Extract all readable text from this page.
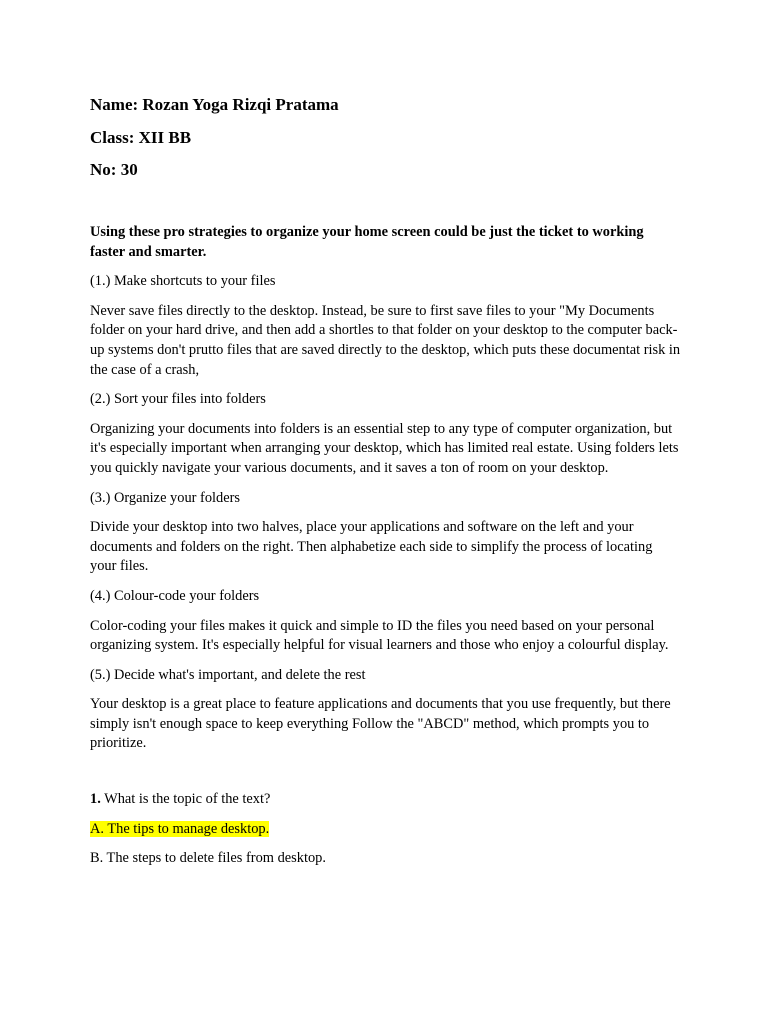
Name: Rozan Yoga Rizqi Pratama
Class: XII BB
No: 30

Using these pro strategies to organize your home screen could be just the ticket to working faster and smarter.

(1.) Make shortcuts to your files

Never save files directly to the desktop. Instead, be sure to first save files to your "My Documents folder on your hard drive, and then add a shortles to that folder on your desktop to the computer back-up systems don't prutto files that are saved directly to the desktop, which puts these documentat risk in the case of a crash,

(2.) Sort your files into folders

Organizing your documents into folders is an essential step to any type of computer organization, but it's especially important when arranging your desktop, which has limited real estate. Using folders lets you quickly navigate your various documents, and it saves a ton of room on your desktop.

(3.) Organize your folders

Divide your desktop into two halves, place your applications and software on the left and your documents and folders on the right. Then alphabetize each side to simplify the process of locating your files.

(4.) Colour-code your folders

Color-coding your files makes it quick and simple to ID the files you need based on your personal organizing system. It's especially helpful for visual learners and those who enjoy a colourful display.

(5.) Decide what's important, and delete the rest

Your desktop is a great place to feature applications and documents that you use frequently, but there simply isn't enough space to keep everything Follow the "ABCD" method, which prompts you to prioritize.

1. What is the topic of the text?

A. The tips to manage desktop.

B. The steps to delete files from desktop.
